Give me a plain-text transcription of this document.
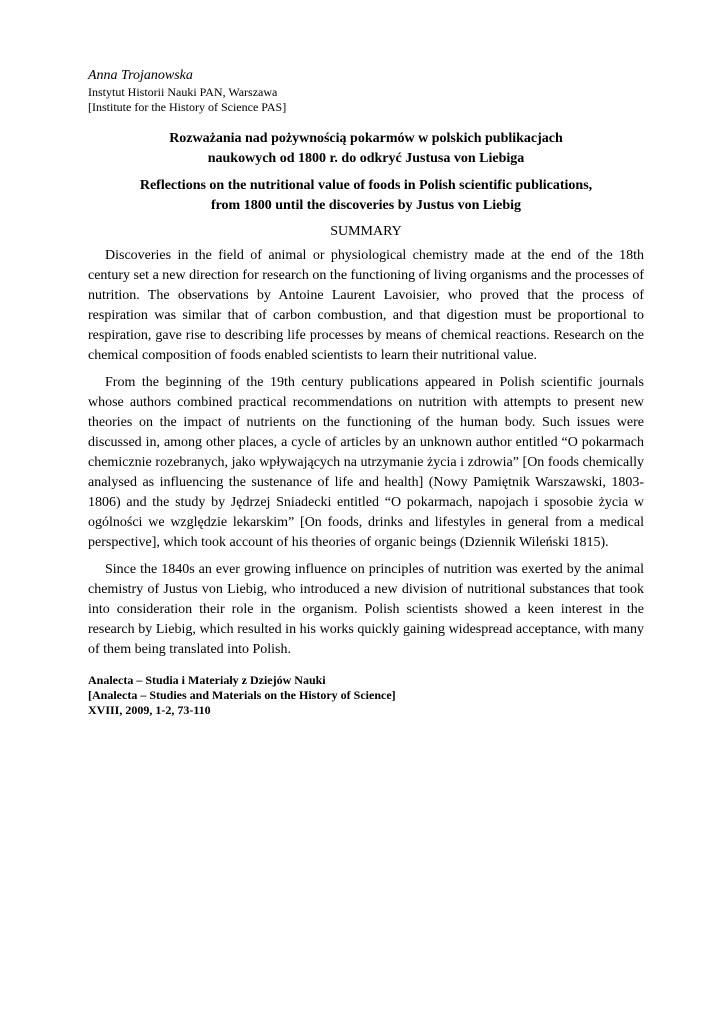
Anna Trojanowska
Instytut Historii Nauki PAN, Warszawa
[Institute for the History of Science PAS]
Rozważania nad pożywnością pokarmów w polskich publikacjach
naukowych od 1800 r. do odkryć Justusa von Liebiga
Reflections on the nutritional value of foods in Polish scientific publications,
from 1800 until the discoveries by Justus von Liebig
SUMMARY

Discoveries in the field of animal or physiological chemistry made at the end of the 18th century set a new direction for research on the functioning of living organisms and the processes of nutrition. The observations by Antoine Laurent Lavoisier, who proved that the process of respiration was similar that of carbon combustion, and that digestion must be proportional to respiration, gave rise to describing life processes by means of chemical reactions. Research on the chemical composition of foods enabled scientists to learn their nutritional value.

From the beginning of the 19th century publications appeared in Polish scientific journals whose authors combined practical recommendations on nutrition with attempts to present new theories on the impact of nutrients on the functioning of the human body. Such issues were discussed in, among other places, a cycle of articles by an unknown author entitled “O pokarmach chemicznie rozebranych, jako wpływających na utrzymanie życia i zdrowia” [On foods chemically analysed as influencing the sustenance of life and health] (Nowy Pamiętnik Warszawski, 1803-1806) and the study by Jędrzej Sniadecki entitled “O pokarmach, napojach i sposobie życia w ogólności we względzie lekarskim” [On foods, drinks and lifestyles in general from a medical perspective], which took account of his theories of organic beings (Dziennik Wileński 1815).

Since the 1840s an ever growing influence on principles of nutrition was exerted by the animal chemistry of Justus von Liebig, who introduced a new division of nutritional substances that took into consideration their role in the organism. Polish scientists showed a keen interest in the research by Liebig, which resulted in his works quickly gaining widespread acceptance, with many of them being translated into Polish.

Analecta – Studia i Materiały z Dziejów Nauki
[Analecta – Studies and Materials on the History of Science]
XVIII, 2009, 1-2, 73-110
